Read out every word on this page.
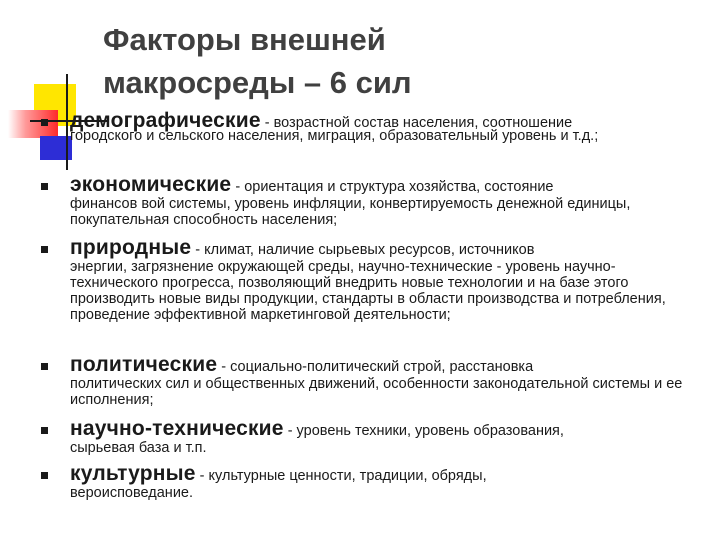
Факторы внешней
макросреды – 6 сил
демографические - возрастной состав населения, соотношение
городского и сельского населения, миграция, образовательный уровень и т.д.;
экономические - ориентация и структура хозяйства, состояние
финансов вой системы, уровень инфляции, конвертируемость денежной единицы, покупательная способность населения;
природные - климат, наличие сырьевых ресурсов, источников
энергии, загрязнение окружающей среды, научно-технические - уровень научно-технического прогресса, позволяющий внедрить новые технологии и на базе этого производить новые виды продукции, стандарты в области производства и потребления, проведение эффективной маркетинговой деятельности;
политические - социально-политический строй, расстановка
политических сил и общественных движений, особенности законодательной системы и ее исполнения;
научно-технические - уровень техники, уровень образования,
сырьевая база и т.п.
культурные - культурные ценности, традиции, обряды,
вероисповедание.
